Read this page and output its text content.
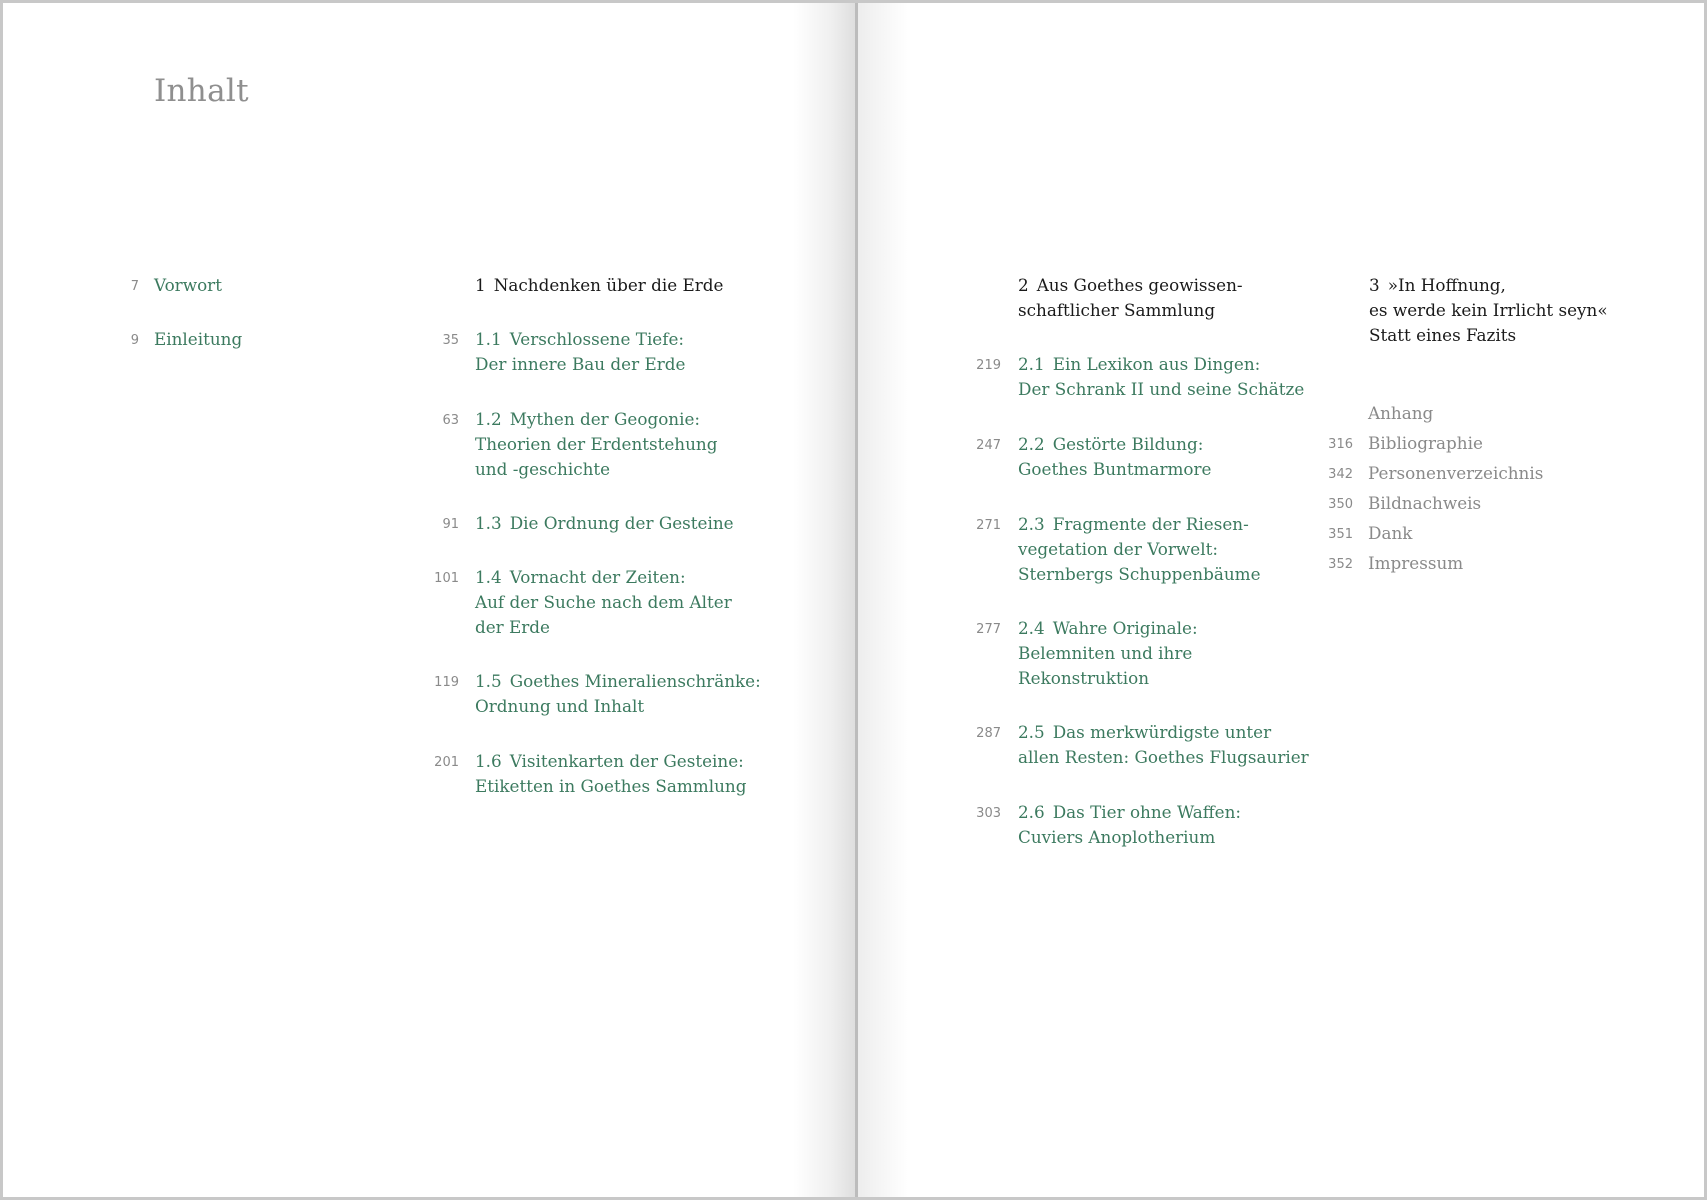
Inhalt
7 Vorwort
9 Einleitung
1 Nachdenken über die Erde
35 1.1 Verschlossene Tiefe:
Der innere Bau der Erde
63 1.2 Mythen der Geogonie:
Theorien der Erdentstehung
und -geschichte
91 1.3 Die Ordnung der Gesteine
101 1.4 Vornacht der Zeiten:
Auf der Suche nach dem Alter
der Erde
119 1.5 Goethes Mineralienschränke:
Ordnung und Inhalt
201 1.6 Visitenkarten der Gesteine:
Etiketten in Goethes Sammlung
2 Aus Goethes geowissen-
schaftlicher Sammlung
219 2.1 Ein Lexikon aus Dingen:
Der Schrank II und seine Schätze
247 2.2 Gestörte Bildung:
Goethes Buntmarmore
271 2.3 Fragmente der Riesen-
vegetation der Vorwelt:
Sternbergs Schuppenbäume
277 2.4 Wahre Originale:
Belemniten und ihre
Rekonstruktion
287 2.5 Das merkwürdigste unter
allen Resten: Goethes Flugsaurier
303 2.6 Das Tier ohne Waffen:
Cuviers Anoplotherium
3 »In Hoffnung,
es werde kein Irrlicht seyn«
Statt eines Fazits
Anhang
316 Bibliographie
342 Personenverzeichnis
350 Bildnachweis
351 Dank
352 Impressum
